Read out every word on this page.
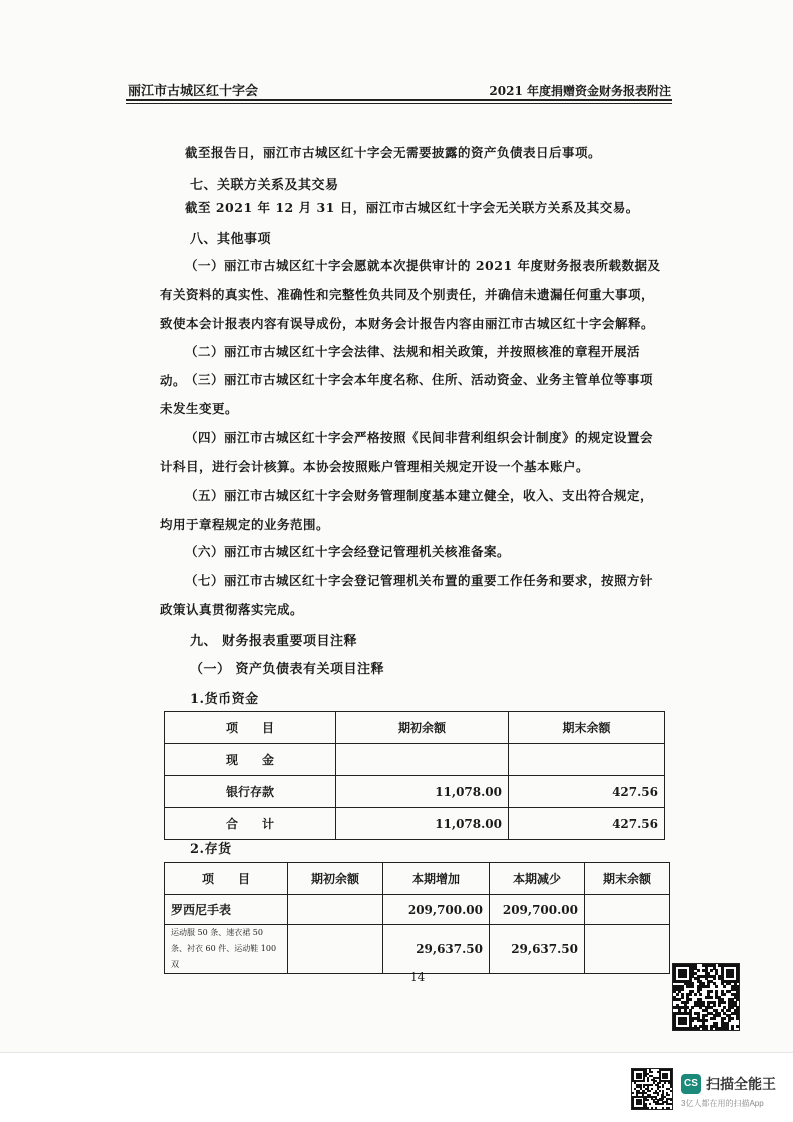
丽江市古城区红十字会	2021 年度捐赠资金财务报表附注
截至报告日，丽江市古城区红十字会无需要披露的资产负债表日后事项。
七、关联方关系及其交易
截至 2021 年 12 月 31 日，丽江市古城区红十字会无关联方关系及其交易。
八、其他事项
（一）丽江市古城区红十字会愿就本次提供审计的 2021 年度财务报表所载数据及有关资料的真实性、准确性和完整性负共同及个别责任，并确信未遗漏任何重大事项，致使本会计报表内容有误导成份，本财务会计报告内容由丽江市古城区红十字会解释。
（二）丽江市古城区红十字会法律、法规和相关政策，并按照核准的章程开展活动。
（三）丽江市古城区红十字会本年度名称、住所、活动资金、业务主管单位等事项未发生变更。
（四）丽江市古城区红十字会严格按照《民间非营利组织会计制度》的规定设置会计科目，进行会计核算。本协会按照账户管理相关规定开设一个基本账户。
（五）丽江市古城区红十字会财务管理制度基本建立健全，收入、支出符合规定，均用于章程规定的业务范围。
（六）丽江市古城区红十字会经登记管理机关核准备案。
（七）丽江市古城区红十字会登记管理机关布置的重要工作任务和要求，按照方针政策认真贯彻落实完成。
九、 财务报表重要项目注释
（一） 资产负债表有关项目注释
1.货币资金
项　　目	期初余额	期末余额
现　　金		
银行存款	11,078.00	427.56
合　　计	11,078.00	427.56
2.存货
项　　目	期初余额	本期增加	本期减少	期末余额
罗西尼手表		209,700.00	209,700.00	
运动服 50 条、速衣裙 50 条、衬衣 60 件、运动鞋 100 双		29,637.50	29,637.50	
14
CS 扫描全能王
3亿人都在用的扫描App
